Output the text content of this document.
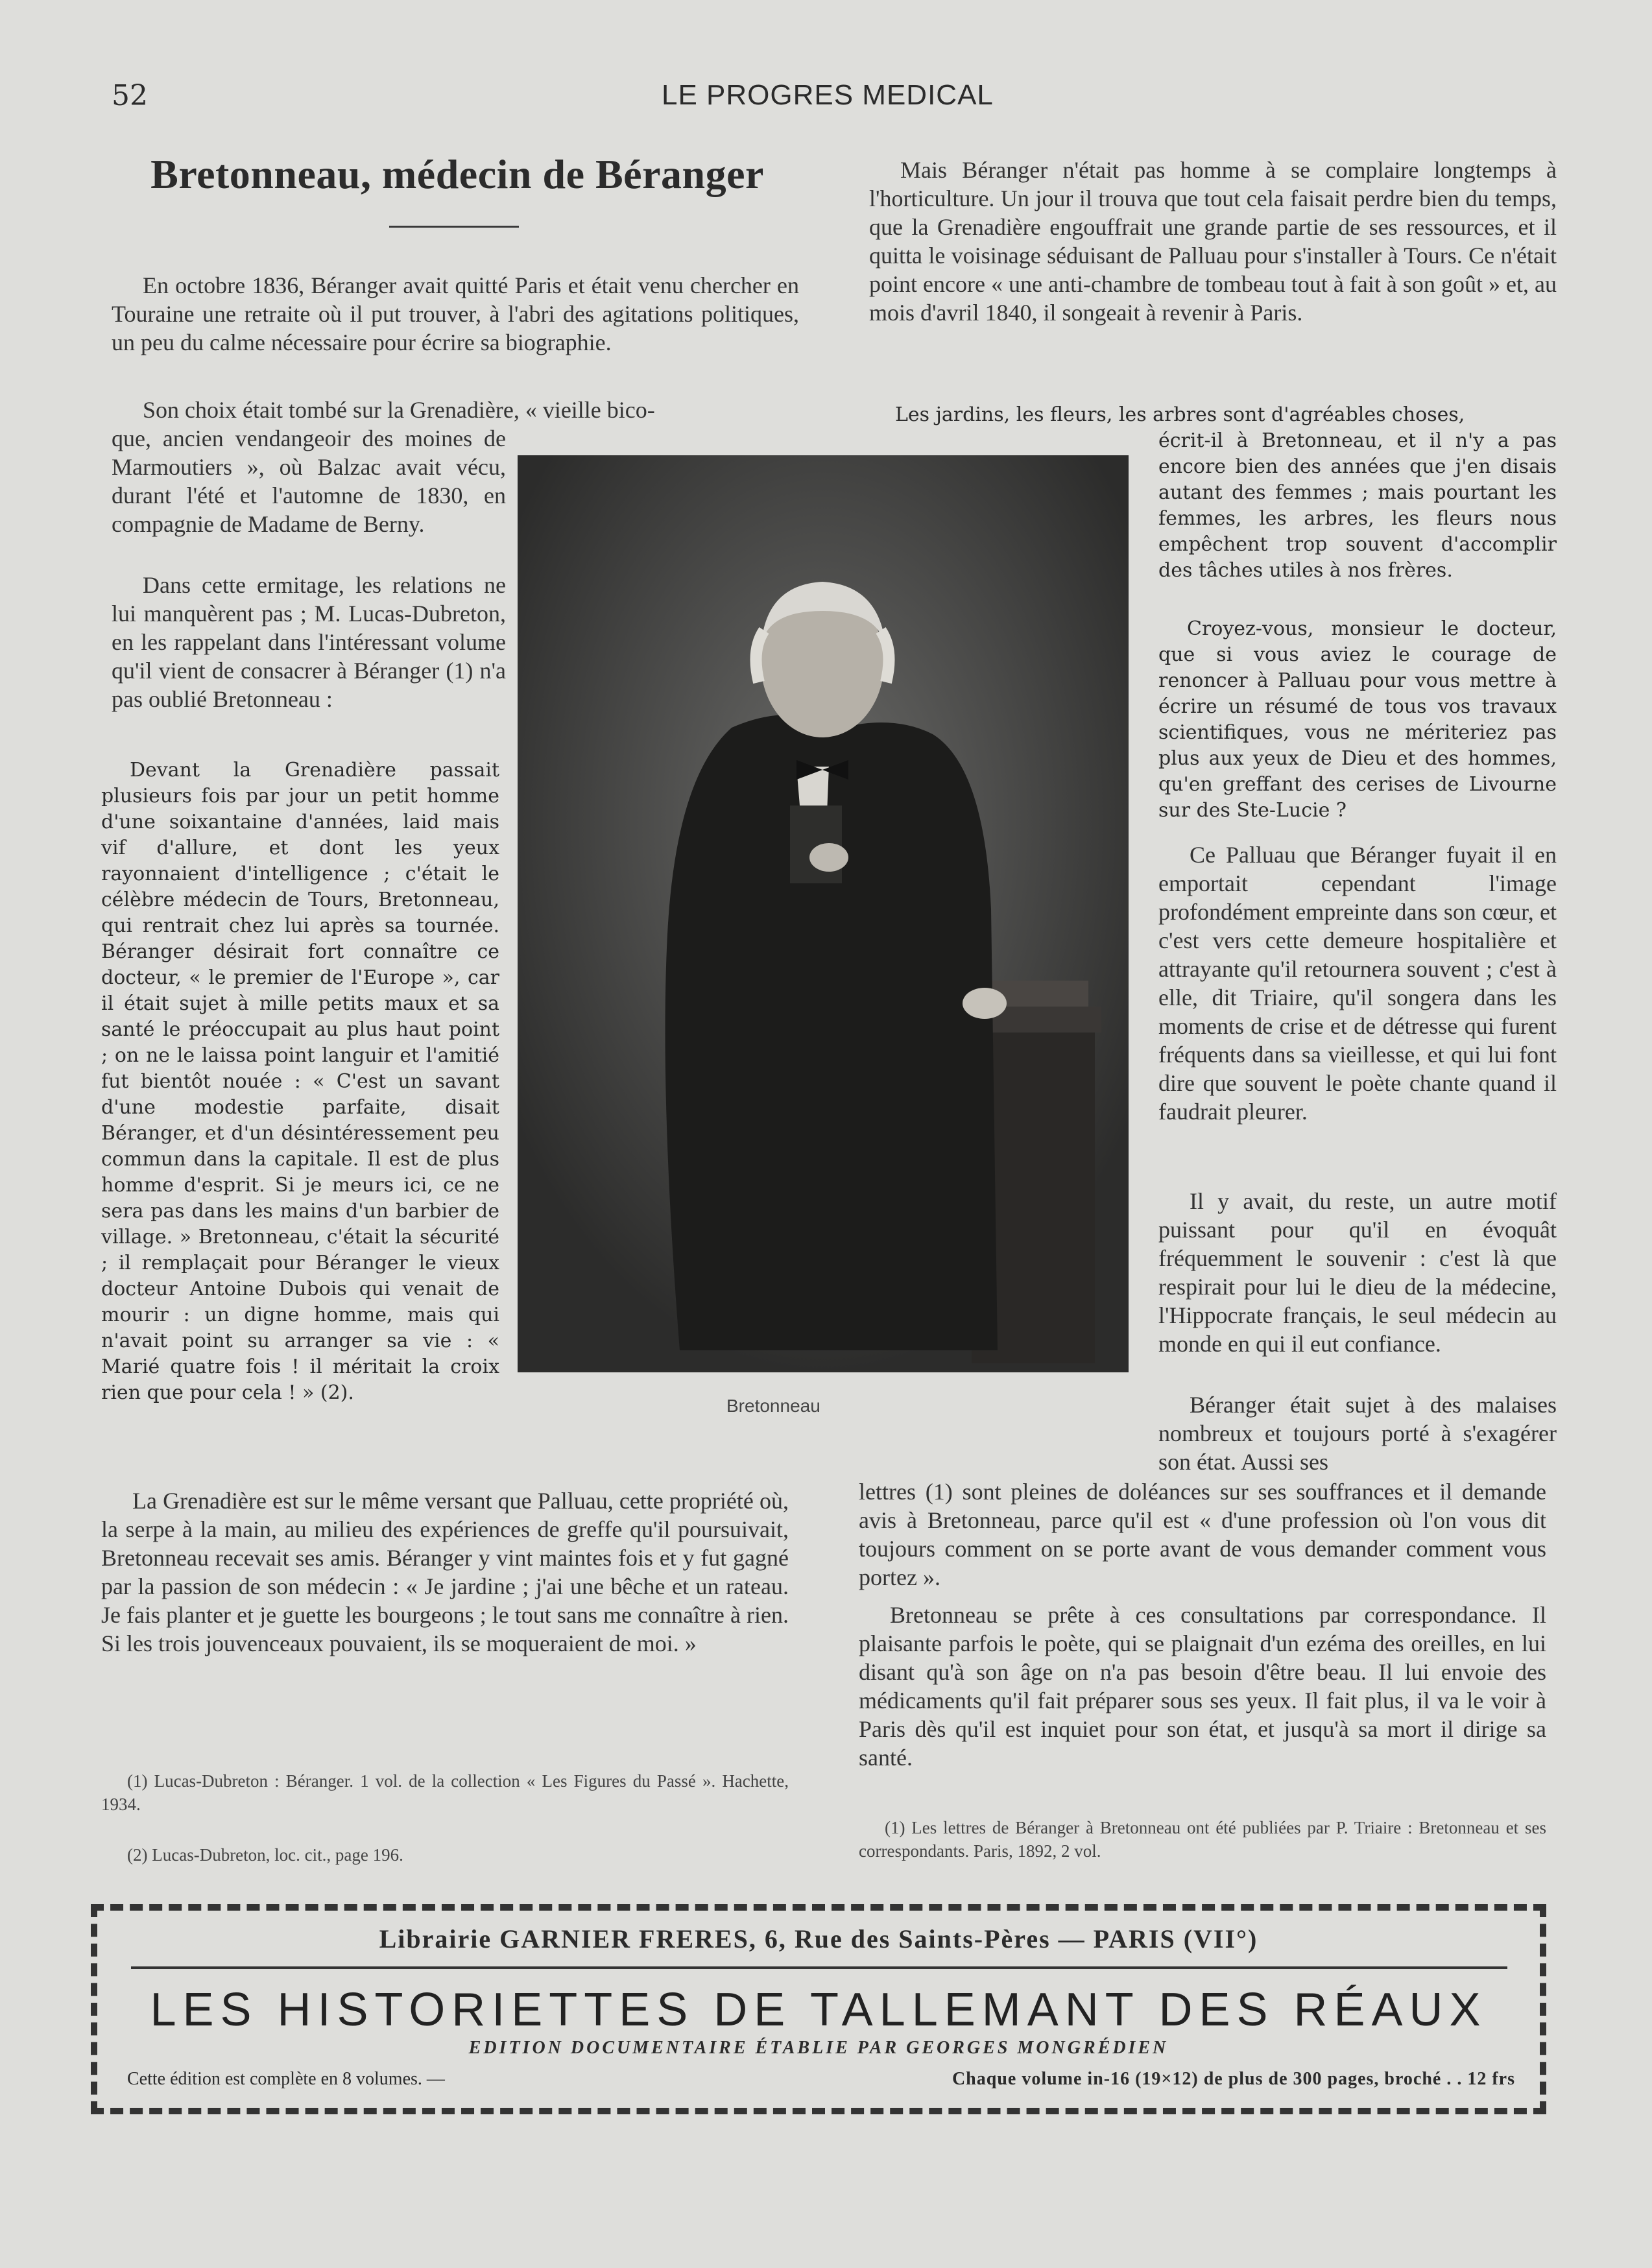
52	LE PROGRES MEDICAL
Bretonneau, médecin de Béranger
En octobre 1836, Béranger avait quitté Paris et était venu chercher en Touraine une retraite où il put trouver, à l'abri des agitations politiques, un peu du calme nécessaire pour écrire sa biographie.
Son choix était tombé sur la Grenadière, « vieille bico-
que, ancien vendangeoir des moines de Marmoutiers », où Balzac avait vécu, durant l'été et l'automne de 1830, en compagnie de Madame de Berny.
Dans cette ermitage, les relations ne lui manquèrent pas ; M. Lucas-Dubreton, en les rappelant dans l'intéressant volume qu'il vient de consacrer à Béranger (1) n'a pas oublié Bretonneau :
Devant la Grenadière passait plusieurs fois par jour un petit homme d'une soixantaine d'années, laid mais vif d'allure, et dont les yeux rayonnaient d'intelligence ; c'était le célèbre médecin de Tours, Bretonneau, qui rentrait chez lui après sa tournée. Béranger désirait fort connaître ce docteur, « le premier de l'Europe », car il était sujet à mille petits maux et sa santé le préoccupait au plus haut point ; on ne le laissa point languir et l'amitié fut bientôt nouée : « C'est un savant d'une modestie parfaite, disait Béranger, et d'un désintéressement peu commun dans la capitale. Il est de plus homme d'esprit. Si je meurs ici, ce ne sera pas dans les mains d'un barbier de village. » Bretonneau, c'était la sécurité ; il remplaçait pour Béranger le vieux docteur Antoine Dubois qui venait de mourir : un digne homme, mais qui n'avait point su arranger sa vie : « Marié quatre fois ! il méritait la croix rien que pour cela ! » (2).
La Grenadière est sur le même versant que Palluau, cette propriété où, la serpe à la main, au milieu des expériences de greffe qu'il poursuivait, Bretonneau recevait ses amis. Béranger y vint maintes fois et y fut gagné par la passion de son médecin : « Je jardine ; j'ai une bêche et un rateau. Je fais planter et je guette les bourgeons ; le tout sans me connaître à rien. Si les trois jouvenceaux pouvaient, ils se moqueraient de moi. »
(1) Lucas-Dubreton : Béranger. 1 vol. de la collection « Les Figures du Passé ». Hachette, 1934.
(2) Lucas-Dubreton, loc. cit., page 196.
Bretonneau
Mais Béranger n'était pas homme à se complaire longtemps à l'horticulture. Un jour il trouva que tout cela faisait perdre bien du temps, que la Grenadière engouffrait une grande partie de ses ressources, et il quitta le voisinage séduisant de Palluau pour s'installer à Tours. Ce n'était point encore « une anti-chambre de tombeau tout à fait à son goût » et, au mois d'avril 1840, il songeait à revenir à Paris.
Les jardins, les fleurs, les arbres sont d'agréables choses,
écrit-il à Bretonneau, et il n'y a pas encore bien des années que j'en disais autant des femmes ; mais pourtant les femmes, les arbres, les fleurs nous empêchent trop souvent d'accomplir des tâches utiles à nos frères.
Croyez-vous, monsieur le docteur, que si vous aviez le courage de renoncer à Palluau pour vous mettre à écrire un résumé de tous vos travaux scientifiques, vous ne mériteriez pas plus aux yeux de Dieu et des hommes, qu'en greffant des cerises de Livourne sur des Ste-Lucie ?
Ce Palluau que Béranger fuyait il en emportait cependant l'image profondément empreinte dans son cœur, et c'est vers cette demeure hospitalière et attrayante qu'il retournera souvent ; c'est à elle, dit Triaire, qu'il songera dans les moments de crise et de détresse qui furent fréquents dans sa vieillesse, et qui lui font dire que souvent le poète chante quand il faudrait pleurer.
Il y avait, du reste, un autre motif puissant pour qu'il en évoquât fréquemment le souvenir : c'est là que respirait pour lui le dieu de la médecine, l'Hippocrate français, le seul médecin au monde en qui il eut confiance.
Béranger était sujet à des malaises nombreux et toujours porté à s'exagérer son état. Aussi ses
lettres (1) sont pleines de doléances sur ses souffrances et il demande avis à Bretonneau, parce qu'il est « d'une profession où l'on vous dit toujours comment on se porte avant de vous demander comment vous portez ».
Bretonneau se prête à ces consultations par correspondance. Il plaisante parfois le poète, qui se plaignait d'un ezéma des oreilles, en lui disant qu'à son âge on n'a pas besoin d'être beau. Il lui envoie des médicaments qu'il fait préparer sous ses yeux. Il fait plus, il va le voir à Paris dès qu'il est inquiet pour son état, et jusqu'à sa mort il dirige sa santé.
(1) Les lettres de Béranger à Bretonneau ont été publiées par P. Triaire : Bretonneau et ses correspondants. Paris, 1892, 2 vol.
Librairie GARNIER FRERES, 6, Rue des Saints-Pères — PARIS (VII°)
LES HISTORIETTES DE TALLEMANT DES RÉAUX
EDITION DOCUMENTAIRE ÉTABLIE PAR GEORGES MONGRÉDIEN
Cette édition est complète en 8 volumes. —	Chaque volume in-16 (19×12) de plus de 300 pages, broché . . 12 frs
